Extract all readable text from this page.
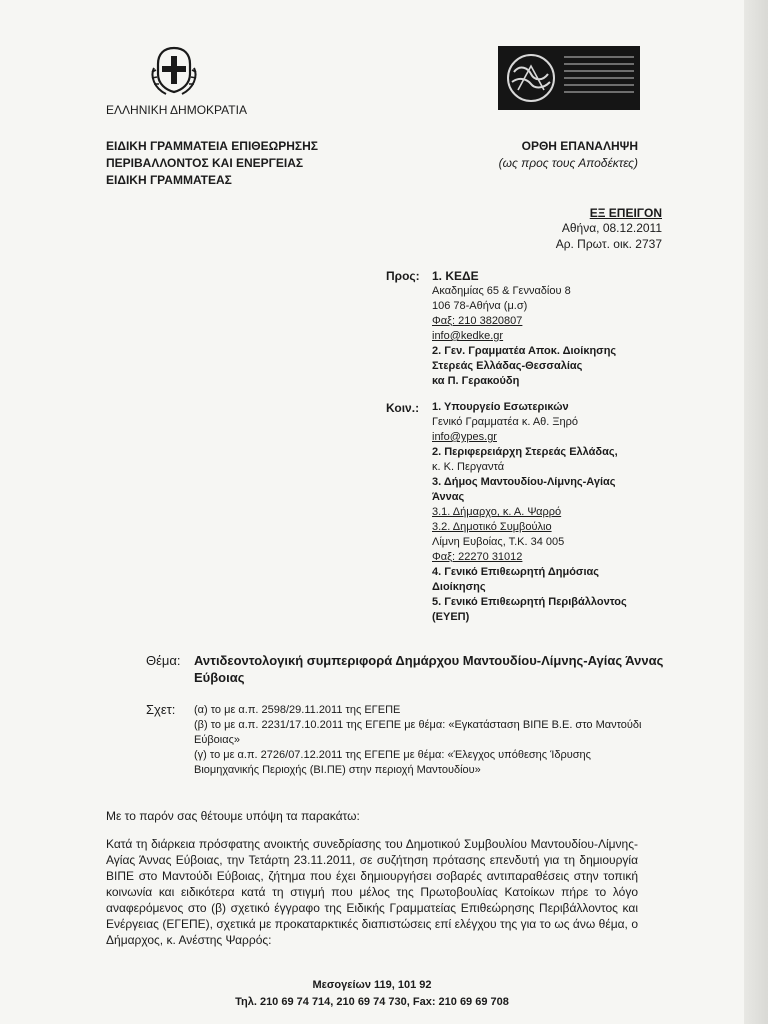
ΕΛΛΗΝΙΚΗ ΔΗΜΟΚΡΑΤΙΑ
ΕΙΔΙΚΗ ΓΡΑΜΜΑΤΕΙΑ ΕΠΙΘΕΩΡΗΣΗΣ
ΠΕΡΙΒΑΛΛΟΝΤΟΣ ΚΑΙ ΕΝΕΡΓΕΙΑΣ
ΕΙΔΙΚΗ ΓΡΑΜΜΑΤΕΑΣ
ΟΡΘΗ ΕΠΑΝΑΛΗΨΗ
(ως προς τους Αποδέκτες)
ΕΞ ΕΠΕΙΓΟΝ
Αθήνα, 08.12.2011
Αρ. Πρωτ. οικ. 2737
Προς: 1. ΚΕΔΕ
Ακαδημίας 65 & Γενναδίου 8
106 78-Αθήνα (μ.σ)
Φαξ: 210 3820807
info@kedke.gr
2. Γεν. Γραμματέα Αποκ. Διοίκησης
Στερεάς Ελλάδας-Θεσσαλίας
κα Π. Γερακούδη
Κοιν.: 1. Υπουργείο Εσωτερικών
Γενικό Γραμματέα κ. Αθ. Ξηρό
info@ypes.gr
2. Περιφερειάρχη Στερεάς Ελλάδας,
κ. Κ. Περγαντά
3. Δήμος Μαντουδίου-Λίμνης-Αγίας
Άννας
3.1. Δήμαρχο, κ. Α. Ψαρρό
3.2. Δημοτικό Συμβούλιο
Λίμνη Ευβοίας, Τ.Κ. 34 005
Φαξ: 22270 31012
4. Γενικό Επιθεωρητή Δημόσιας
Διοίκησης
5. Γενικό Επιθεωρητή Περιβάλλοντος
(ΕΥΕΠ)
Θέμα: Αντιδεοντολογική συμπεριφορά Δημάρχου Μαντουδίου-Λίμνης-Αγίας Άννας
Εύβοιας
Σχετ: (α) το με α.π. 2598/29.11.2011 της ΕΓΕΠΕ
(β) το με α.π. 2231/17.10.2011 της ΕΓΕΠΕ με θέμα: «Εγκατάσταση ΒΙΠΕ Β.Ε. στο Μαντούδι
Εύβοιας»
(γ) το με α.π. 2726/07.12.2011 της ΕΓΕΠΕ με θέμα: «Έλεγχος υπόθεσης Ίδρυσης
Βιομηχανικής Περιοχής (ΒΙ.ΠΕ) στην περιοχή Μαντουδίου»
Με το παρόν σας θέτουμε υπόψη τα παρακάτω:
Κατά τη διάρκεια πρόσφατης ανοικτής συνεδρίασης του Δημοτικού Συμβουλίου Μαντουδίου-Λίμνης-Αγίας Άννας Εύβοιας, την Τετάρτη 23.11.2011, σε συζήτηση πρότασης επενδυτή για τη δημιουργία ΒΙΠΕ στο Μαντούδι Εύβοιας, ζήτημα που έχει δημιουργήσει σοβαρές αντιπαραθέσεις στην τοπική κοινωνία και ειδικότερα κατά τη στιγμή που μέλος της Πρωτοβουλίας Κατοίκων πήρε το λόγο αναφερόμενος στο (β) σχετικό έγγραφο της Ειδικής Γραμματείας Επιθεώρησης Περιβάλλοντος και Ενέργειας (ΕΓΕΠΕ), σχετικά με προκαταρκτικές διαπιστώσεις επί ελέγχου της για το ως άνω θέμα, ο Δήμαρχος, κ. Ανέστης Ψαρρός:
Μεσογείων 119, 101 92
Τηλ. 210 69 74 714, 210 69 74 730, Fax: 210 69 69 708
